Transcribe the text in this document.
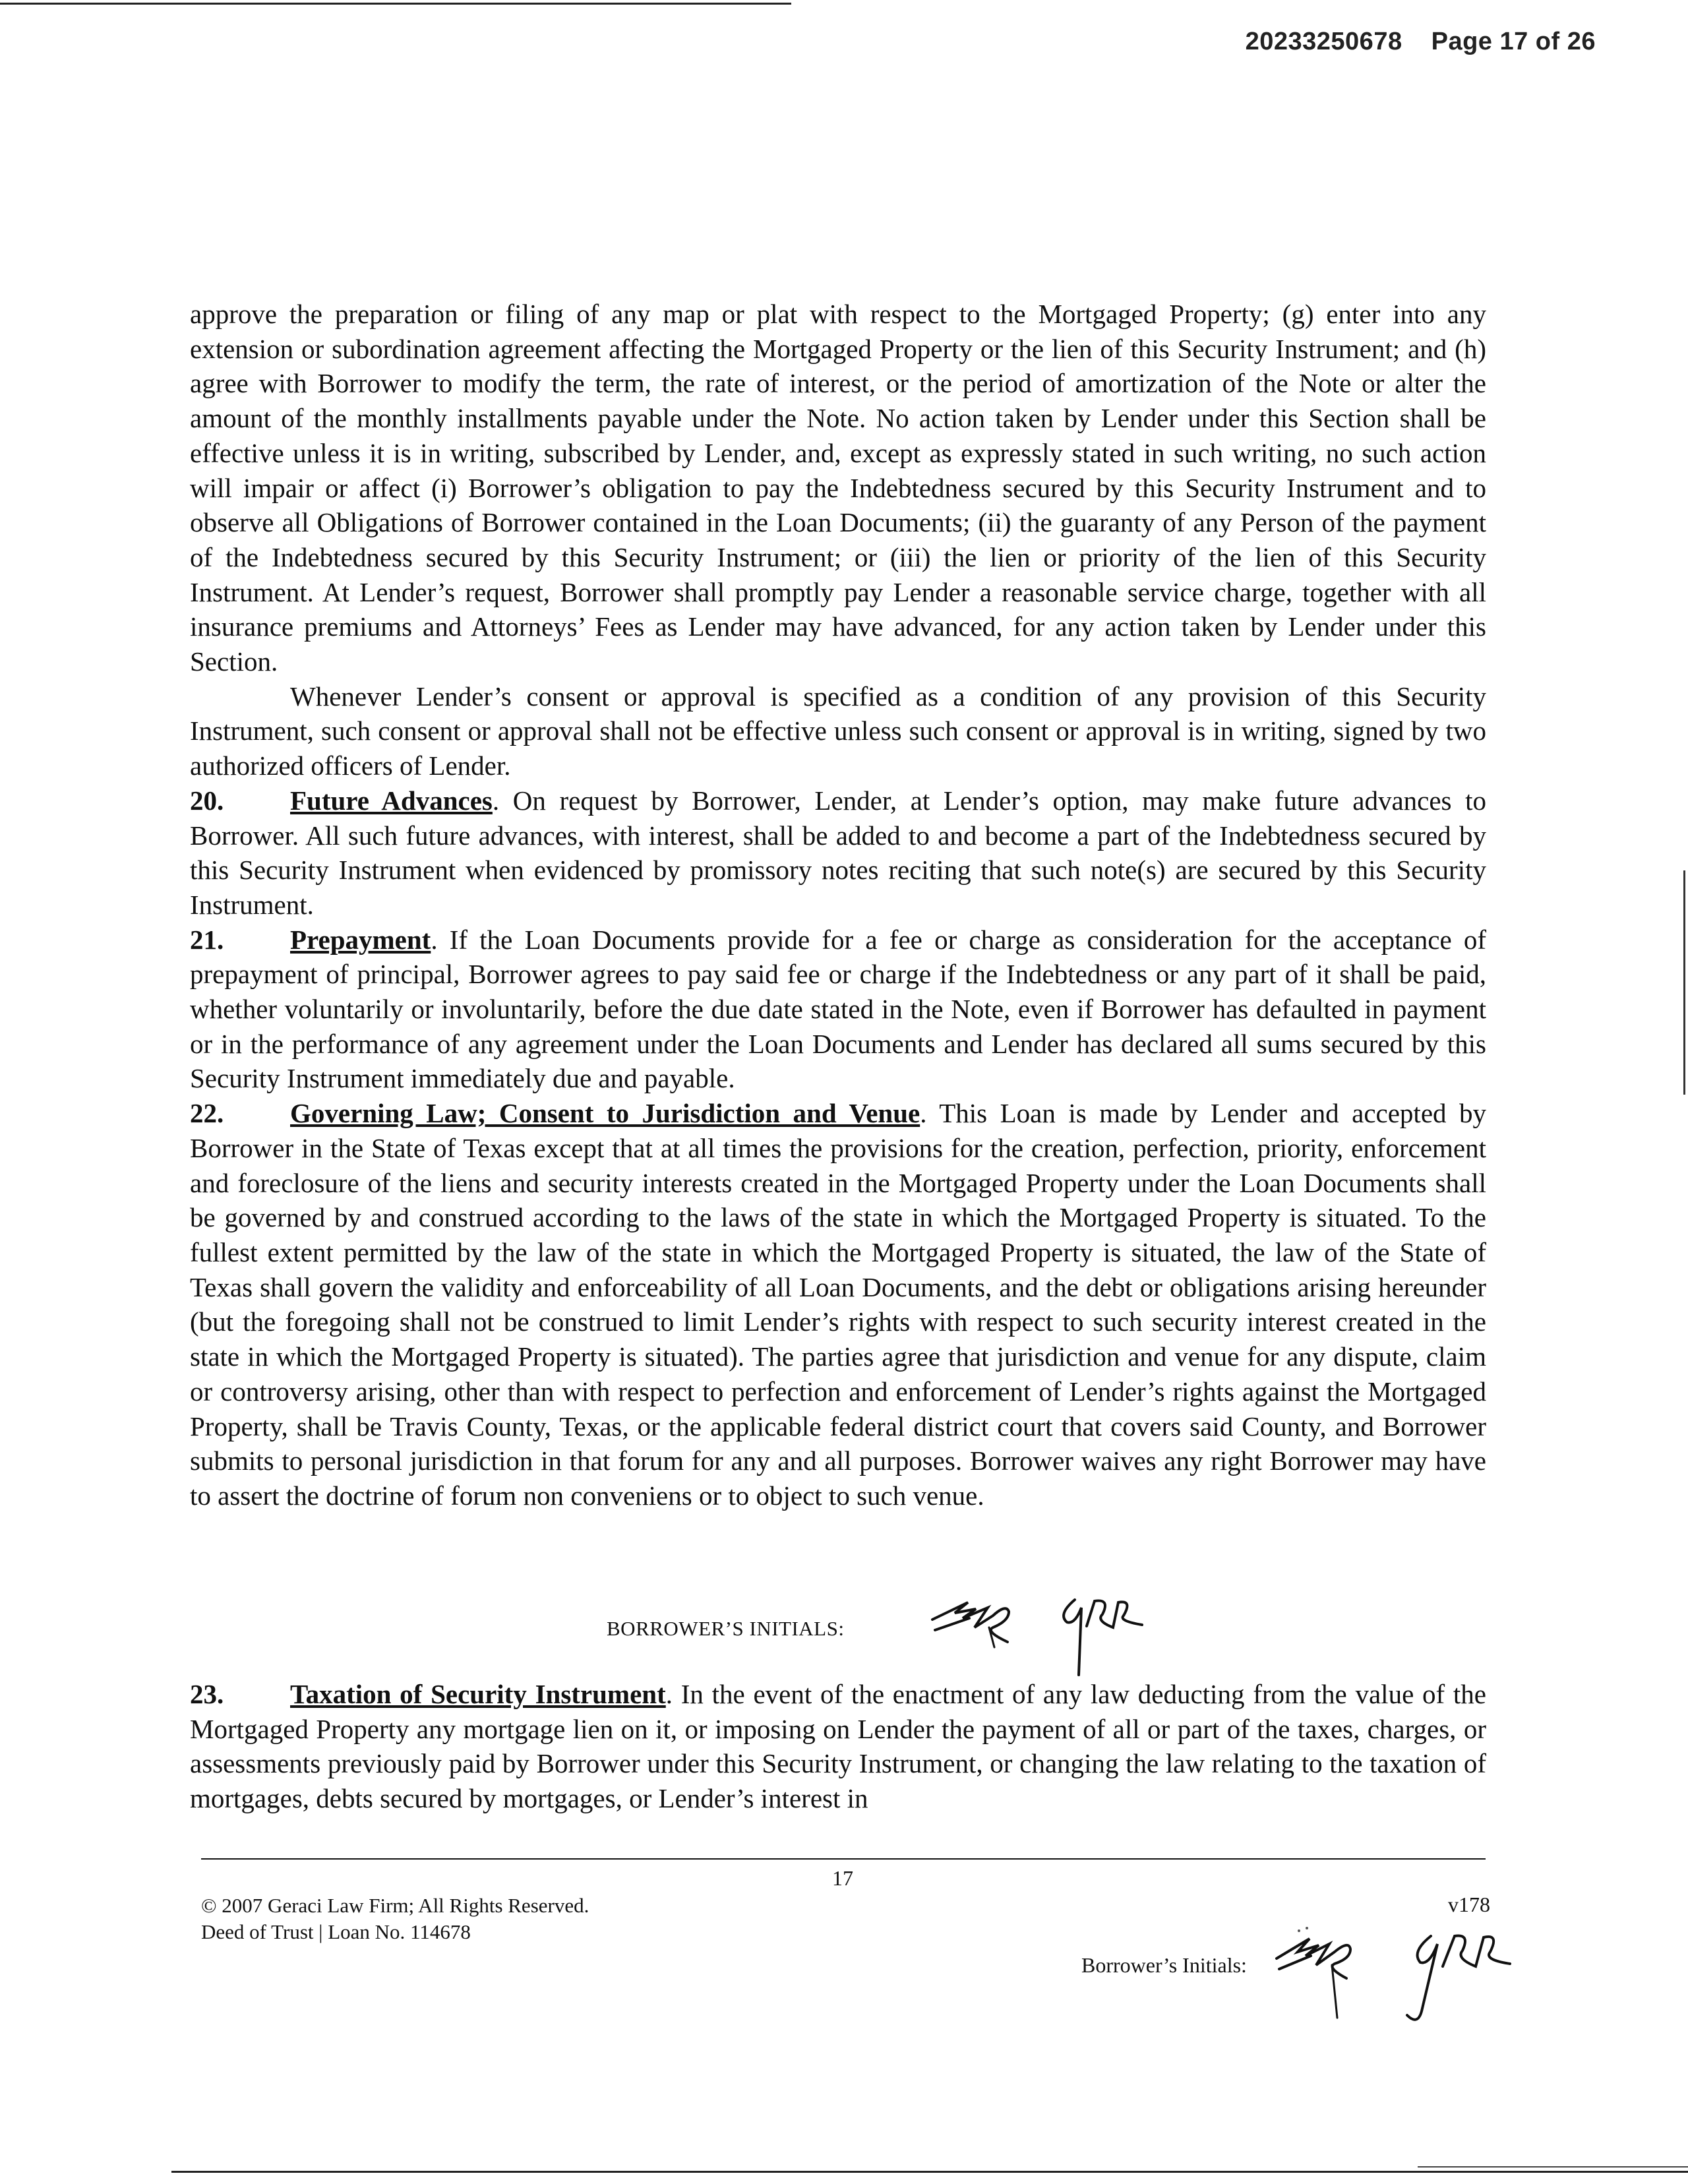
20233250678 Page 17 of 26

approve the preparation or filing of any map or plat with respect to the Mortgaged Property; (g) enter into any extension or subordination agreement affecting the Mortgaged Property or the lien of this Security Instrument; and (h) agree with Borrower to modify the term, the rate of interest, or the period of amortization of the Note or alter the amount of the monthly installments payable under the Note. No action taken by Lender under this Section shall be effective unless it is in writing, subscribed by Lender, and, except as expressly stated in such writing, no such action will impair or affect (i) Borrower’s obligation to pay the Indebtedness secured by this Security Instrument and to observe all Obligations of Borrower contained in the Loan Documents; (ii) the guaranty of any Person of the payment of the Indebtedness secured by this Security Instrument; or (iii) the lien or priority of the lien of this Security Instrument. At Lender’s request, Borrower shall promptly pay Lender a reasonable service charge, together with all insurance premiums and Attorneys’ Fees as Lender may have advanced, for any action taken by Lender under this Section.

Whenever Lender’s consent or approval is specified as a condition of any provision of this Security Instrument, such consent or approval shall not be effective unless such consent or approval is in writing, signed by two authorized officers of Lender.

20. Future Advances. On request by Borrower, Lender, at Lender’s option, may make future advances to Borrower. All such future advances, with interest, shall be added to and become a part of the Indebtedness secured by this Security Instrument when evidenced by promissory notes reciting that such note(s) are secured by this Security Instrument.

21. Prepayment. If the Loan Documents provide for a fee or charge as consideration for the acceptance of prepayment of principal, Borrower agrees to pay said fee or charge if the Indebtedness or any part of it shall be paid, whether voluntarily or involuntarily, before the due date stated in the Note, even if Borrower has defaulted in payment or in the performance of any agreement under the Loan Documents and Lender has declared all sums secured by this Security Instrument immediately due and payable.

22. Governing Law; Consent to Jurisdiction and Venue. This Loan is made by Lender and accepted by Borrower in the State of Texas except that at all times the provisions for the creation, perfection, priority, enforcement and foreclosure of the liens and security interests created in the Mortgaged Property under the Loan Documents shall be governed by and construed according to the laws of the state in which the Mortgaged Property is situated. To the fullest extent permitted by the law of the state in which the Mortgaged Property is situated, the law of the State of Texas shall govern the validity and enforceability of all Loan Documents, and the debt or obligations arising hereunder (but the foregoing shall not be construed to limit Lender’s rights with respect to such security interest created in the state in which the Mortgaged Property is situated). The parties agree that jurisdiction and venue for any dispute, claim or controversy arising, other than with respect to perfection and enforcement of Lender’s rights against the Mortgaged Property, shall be Travis County, Texas, or the applicable federal district court that covers said County, and Borrower submits to personal jurisdiction in that forum for any and all purposes. Borrower waives any right Borrower may have to assert the doctrine of forum non conveniens or to object to such venue.

BORROWER’S INITIALS:

23. Taxation of Security Instrument. In the event of the enactment of any law deducting from the value of the Mortgaged Property any mortgage lien on it, or imposing on Lender the payment of all or part of the taxes, charges, or assessments previously paid by Borrower under this Security Instrument, or changing the law relating to the taxation of mortgages, debts secured by mortgages, or Lender’s interest in

17
© 2007 Geraci Law Firm; All Rights Reserved.
Deed of Trust | Loan No. 114678
v178
Borrower’s Initials:
